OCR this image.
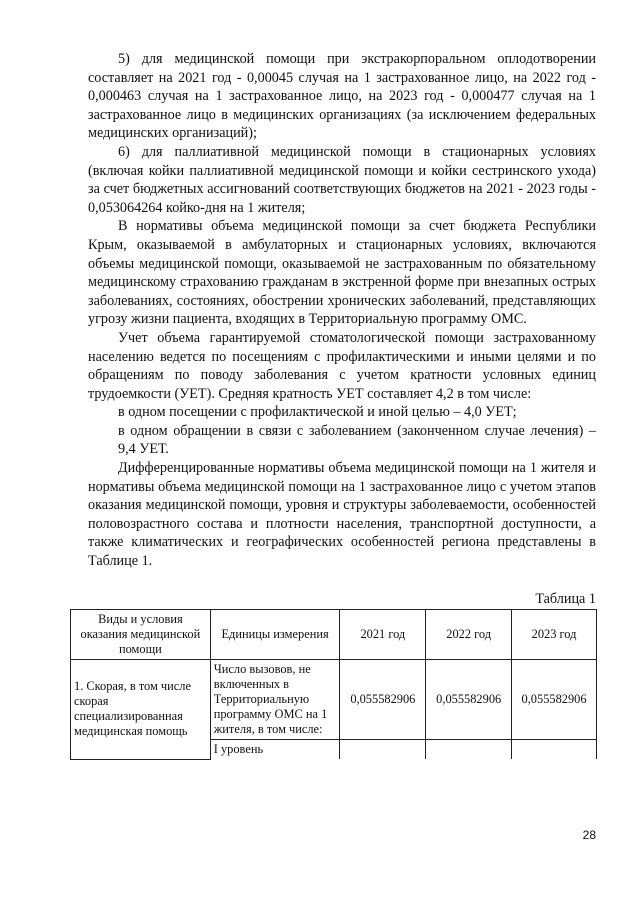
5) для медицинской помощи при экстракорпоральном оплодотворении составляет на 2021 год - 0,00045 случая на 1 застрахованное лицо, на 2022 год - 0,000463 случая на 1 застрахованное лицо, на 2023 год - 0,000477 случая на 1 застрахованное лицо в медицинских организациях (за исключением федеральных медицинских организаций);

6) для паллиативной медицинской помощи в стационарных условиях (включая койки паллиативной медицинской помощи и койки сестринского ухода) за счет бюджетных ассигнований соответствующих бюджетов на 2021 - 2023 годы - 0,053064264 койко-дня на 1 жителя;

В нормативы объема медицинской помощи за счет бюджета Республики Крым, оказываемой в амбулаторных и стационарных условиях, включаются объемы медицинской помощи, оказываемой не застрахованным по обязательному медицинскому страхованию гражданам в экстренной форме при внезапных острых заболеваниях, состояниях, обострении хронических заболеваний, представляющих угрозу жизни пациента, входящих в Территориальную программу ОМС.

Учет объема гарантируемой стоматологической помощи застрахованному населению ведется по посещениям с профилактическими и иными целями и по обращениям по поводу заболевания с учетом кратности условных единиц трудоемкости (УЕТ). Средняя кратность УЕТ составляет 4,2 в том числе:

в одном посещении с профилактической и иной целью – 4,0 УЕТ;

в одном обращении в связи с заболеванием (законченном случае лечения) – 9,4 УЕТ.

Дифференцированные нормативы объема медицинской помощи на 1 жителя и нормативы объема медицинской помощи на 1 застрахованное лицо с учетом этапов оказания медицинской помощи, уровня и структуры заболеваемости, особенностей половозрастного состава и плотности населения, транспортной доступности, а также климатических и географических особенностей региона представлены в Таблице 1.

Таблица 1
Виды и условия оказания медицинской помощи	Единицы измерения	2021 год	2022 год	2023 год
1. Скорая, в том числе скорая специализированная медицинская помощь	Число вызовов, не включенных в Территориальную программу ОМС на 1 жителя, в том числе:	0,055582906	0,055582906	0,055582906
	I уровень			
28
